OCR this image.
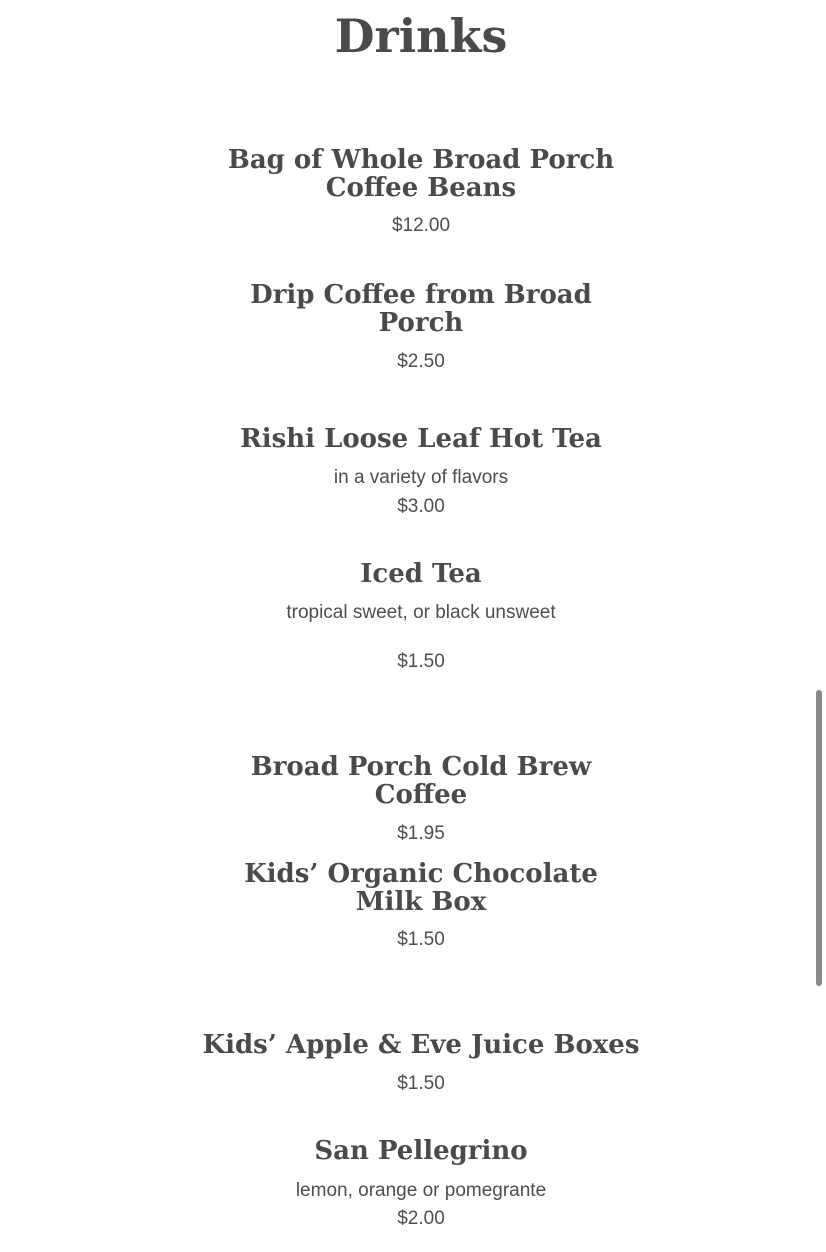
Drinks
Bag of Whole Broad Porch Coffee Beans
$12.00
Drip Coffee from Broad Porch
$2.50
Rishi Loose Leaf Hot Tea
in a variety of flavors
$3.00
Iced Tea
tropical sweet, or black unsweet
$1.50
Broad Porch Cold Brew Coffee
$1.95
Kids’ Organic Chocolate Milk Box
$1.50
Kids’ Apple & Eve Juice Boxes
$1.50
San Pellegrino
lemon, orange or pomegrante
$2.00
